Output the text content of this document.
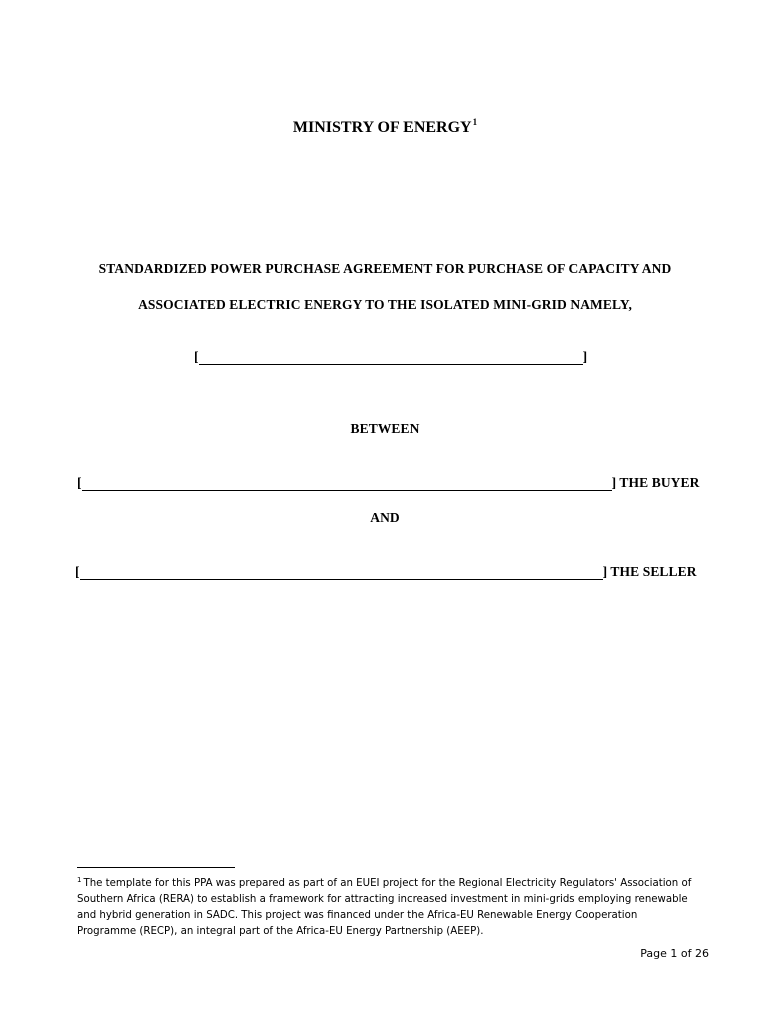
MINISTRY OF ENERGY$^1$
STANDARDIZED POWER PURCHASE AGREEMENT FOR PURCHASE OF CAPACITY AND
ASSOCIATED ELECTRIC ENERGY TO THE ISOLATED MINI-GRID NAMELY,
[	]
BETWEEN
[	] THE BUYER
AND
[	] THE SELLER
$^1$ The template for this PPA was prepared as part of an EUEI project for the Regional Electricity Regulators' Association of Southern Africa (RERA) to establish a framework for attracting increased investment in mini-grids employing renewable and hybrid generation in SADC. This project was financed under the Africa-EU Renewable Energy Cooperation Programme (RECP), an integral part of the Africa-EU Energy Partnership (AEEP).
Page 1 of 26
